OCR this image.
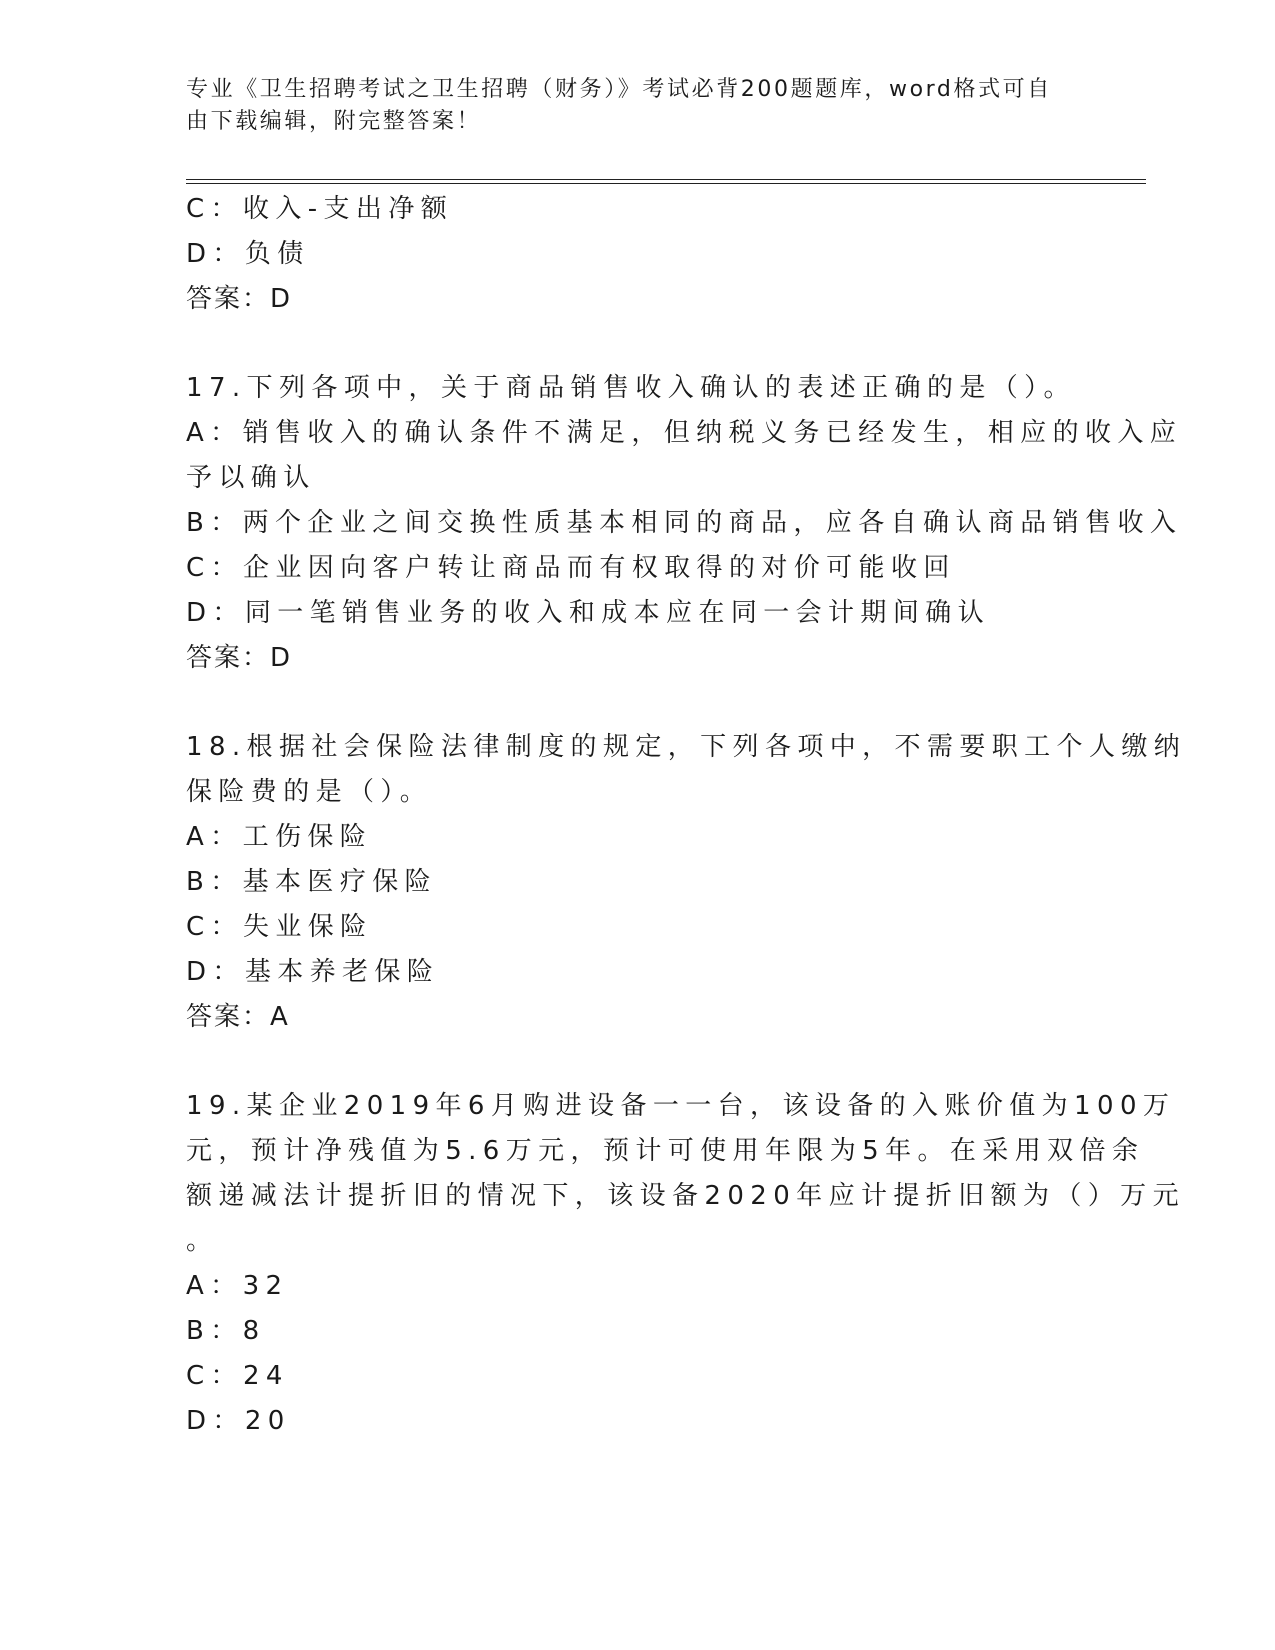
专业《卫生招聘考试之卫生招聘（财务）》考试必背200题题库，word格式可自
由下载编辑，附完整答案！
C：收入-支出净额
D：负债
答案：D
17.下列各项中，关于商品销售收入确认的表述正确的是（）。
A：销售收入的确认条件不满足，但纳税义务已经发生，相应的收入应
予以确认
B：两个企业之间交换性质基本相同的商品，应各自确认商品销售收入
C：企业因向客户转让商品而有权取得的对价可能收回
D：同一笔销售业务的收入和成本应在同一会计期间确认
答案：D
18.根据社会保险法律制度的规定，下列各项中，不需要职工个人缴纳
保险费的是（）。
A：工伤保险
B：基本医疗保险
C：失业保险
D：基本养老保险
答案：A
19.某企业2019年6月购进设备一一台，该设备的入账价值为100万
元，预计净残值为5.6万元，预计可使用年限为5年。在采用双倍余
额递减法计提折旧的情况下，该设备2020年应计提折旧额为（）万元
。
A：32
B：8
C：24
D：20
